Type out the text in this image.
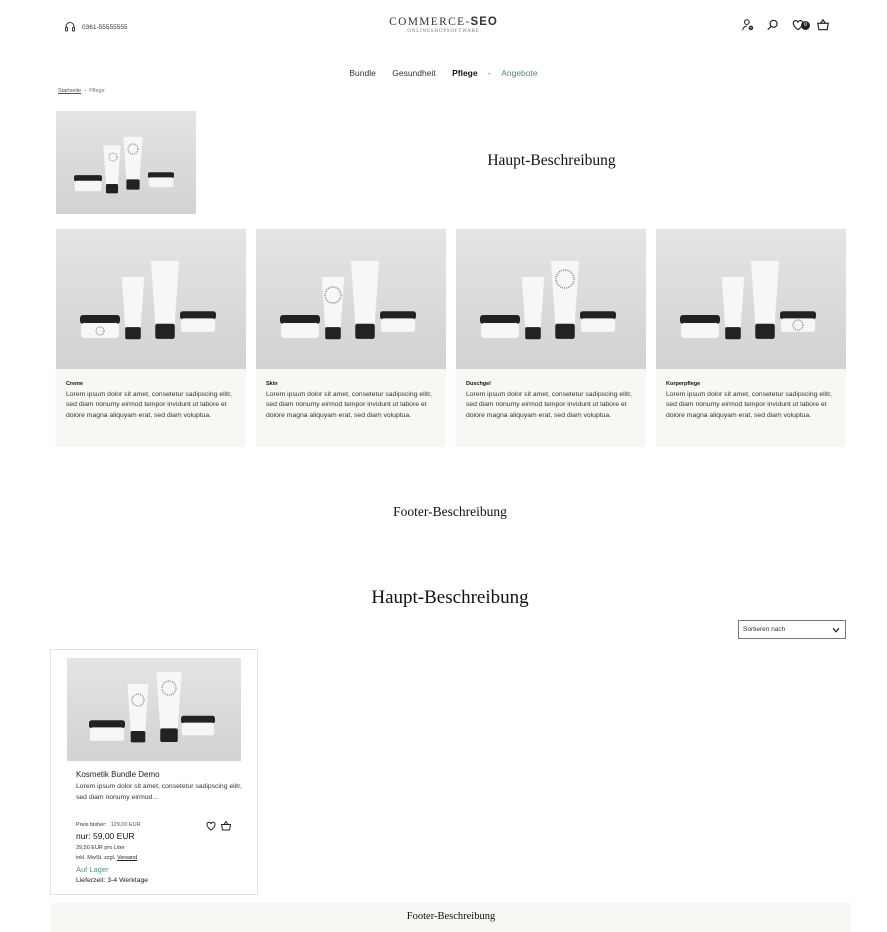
0361-55555555	COMMERCE-SEO
ONLINESHOPSOFTWARE
0
Bundle Gesundheit Pflege - Angebote
Startseite › Pflege
Haupt-Beschreibung
Creme
Lorem ipsum dolor sit amet, consetetur sadipscing elitr, sed diam nonumy eirmod tempor invidunt ut labore et dolore magna aliquyam erat, sed diam voluptua.
Skin
Lorem ipsum dolor sit amet, consetetur sadipscing elitr, sed diam nonumy eirmod tempor invidunt ut labore et dolore magna aliquyam erat, sed diam voluptua.
Duschgel
Lorem ipsum dolor sit amet, consetetur sadipscing elitr, sed diam nonumy eirmod tempor invidunt ut labore et dolore magna aliquyam erat, sed diam voluptua.
Korperpflege
Lorem ipsum dolor sit amet, consetetur sadipscing elitr, sed diam nonumy eirmod tempor invidunt ut labore et dolore magna aliquyam erat, sed diam voluptua.
Footer-Beschreibung
Haupt-Beschreibung
Sortieren nach
Kosmetik Bundle Demo
Lorem ipsum dolor sit amet, consetetur sadipscing elitr, sed diam nonumy eirmod...
Preis bisher: 129,00 EUR
nur: 59,00 EUR
29,50 EUR pro Liter
inkl. MwSt. zzgl. Versand
Auf Lager
Lieferzeit: 3-4 Werktage
Footer-Beschreibung
